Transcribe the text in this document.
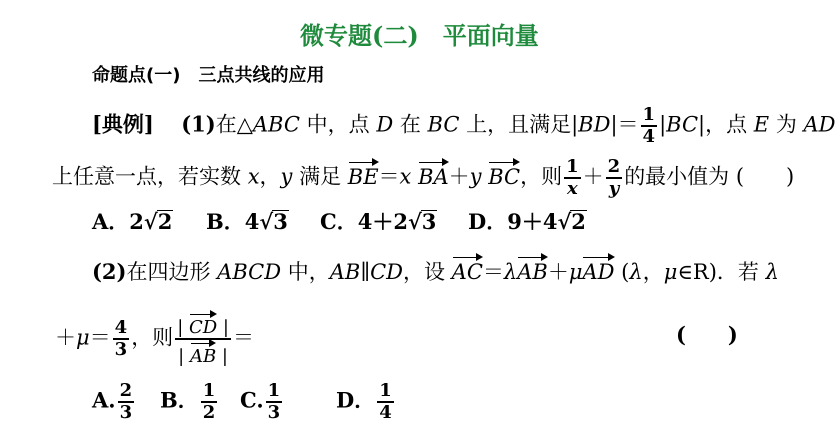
微专题(二)　平面向量
命题点(一)　三点共线的应用
[典例] (1)在△ABC 中，点 D 在 BC 上，且满足$|BD|= \frac{1}{4} |BC|$，点 E 为 AD
上任意一点，若实数 x，y 满足 BE＝x BA＋y BC，则 $\frac{1}{x} + \frac{2}{y}$ 的最小值为 (　　)
A．2√2 B．4√3 C．4＋2√3 D．9＋4√2
(2)在四边形 ABCD 中，AB∥CD，设 AC＝λAB＋μAD (λ，μ∈R)．若 λ
$+\mu= \frac{4}{3}$ ，则 $\frac{| CD |}{| AB |}$ ＝	(　　)
A. $\frac{2}{3}$ B． $\frac{1}{2} C$. $\frac{1}{3}$	D． $\frac{1}{4}$
